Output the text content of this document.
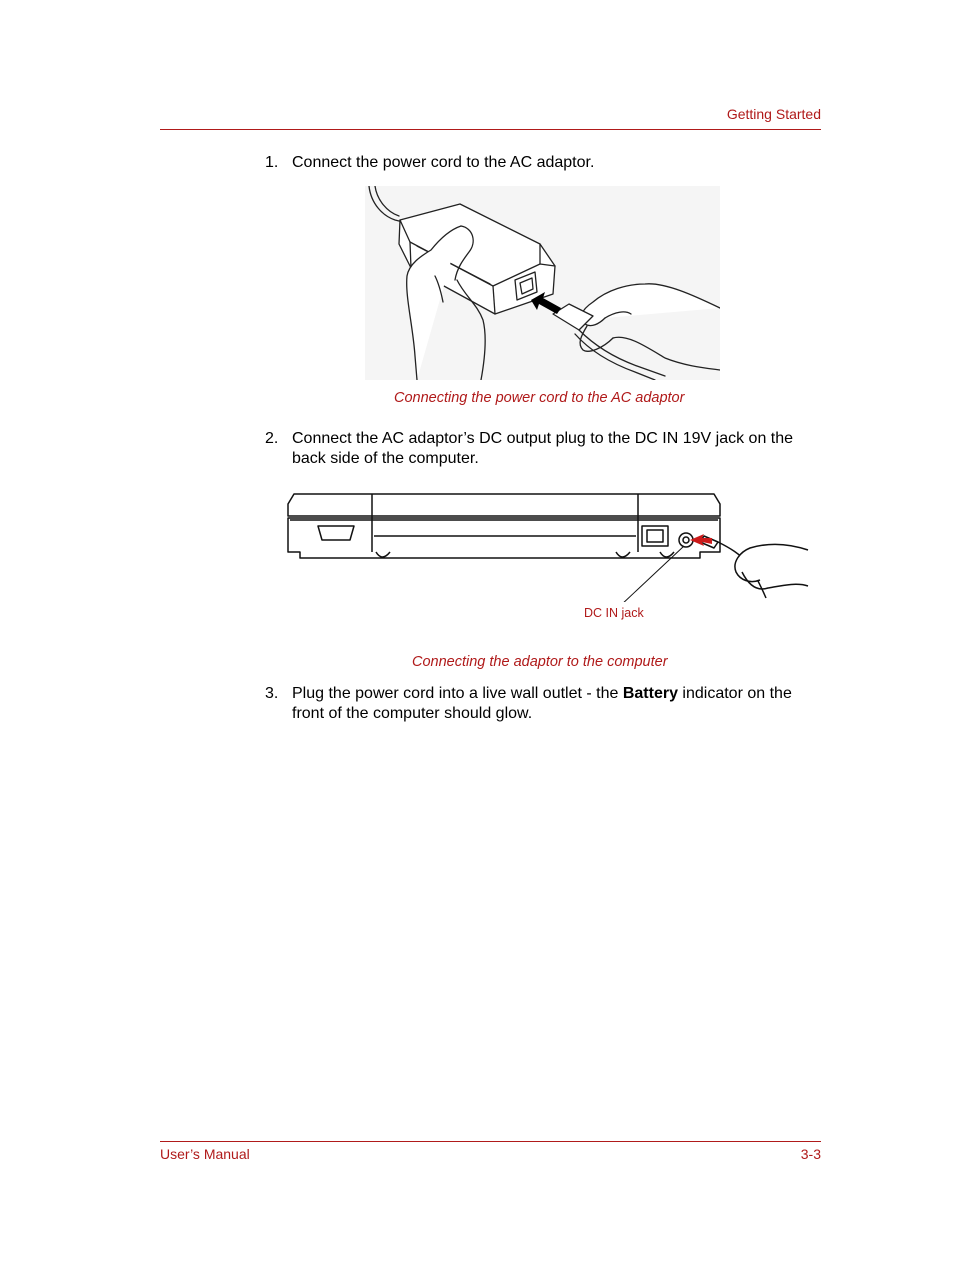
Getting Started
1. Connect the power cord to the AC adaptor.
Connecting the power cord to the AC adaptor
2. Connect the AC adaptor’s DC output plug to the DC IN 19V jack on the back side of the computer.
DC IN jack
Connecting the adaptor to the computer
3. Plug the power cord into a live wall outlet - the Battery indicator on the front of the computer should glow.
User’s Manual	3-3
